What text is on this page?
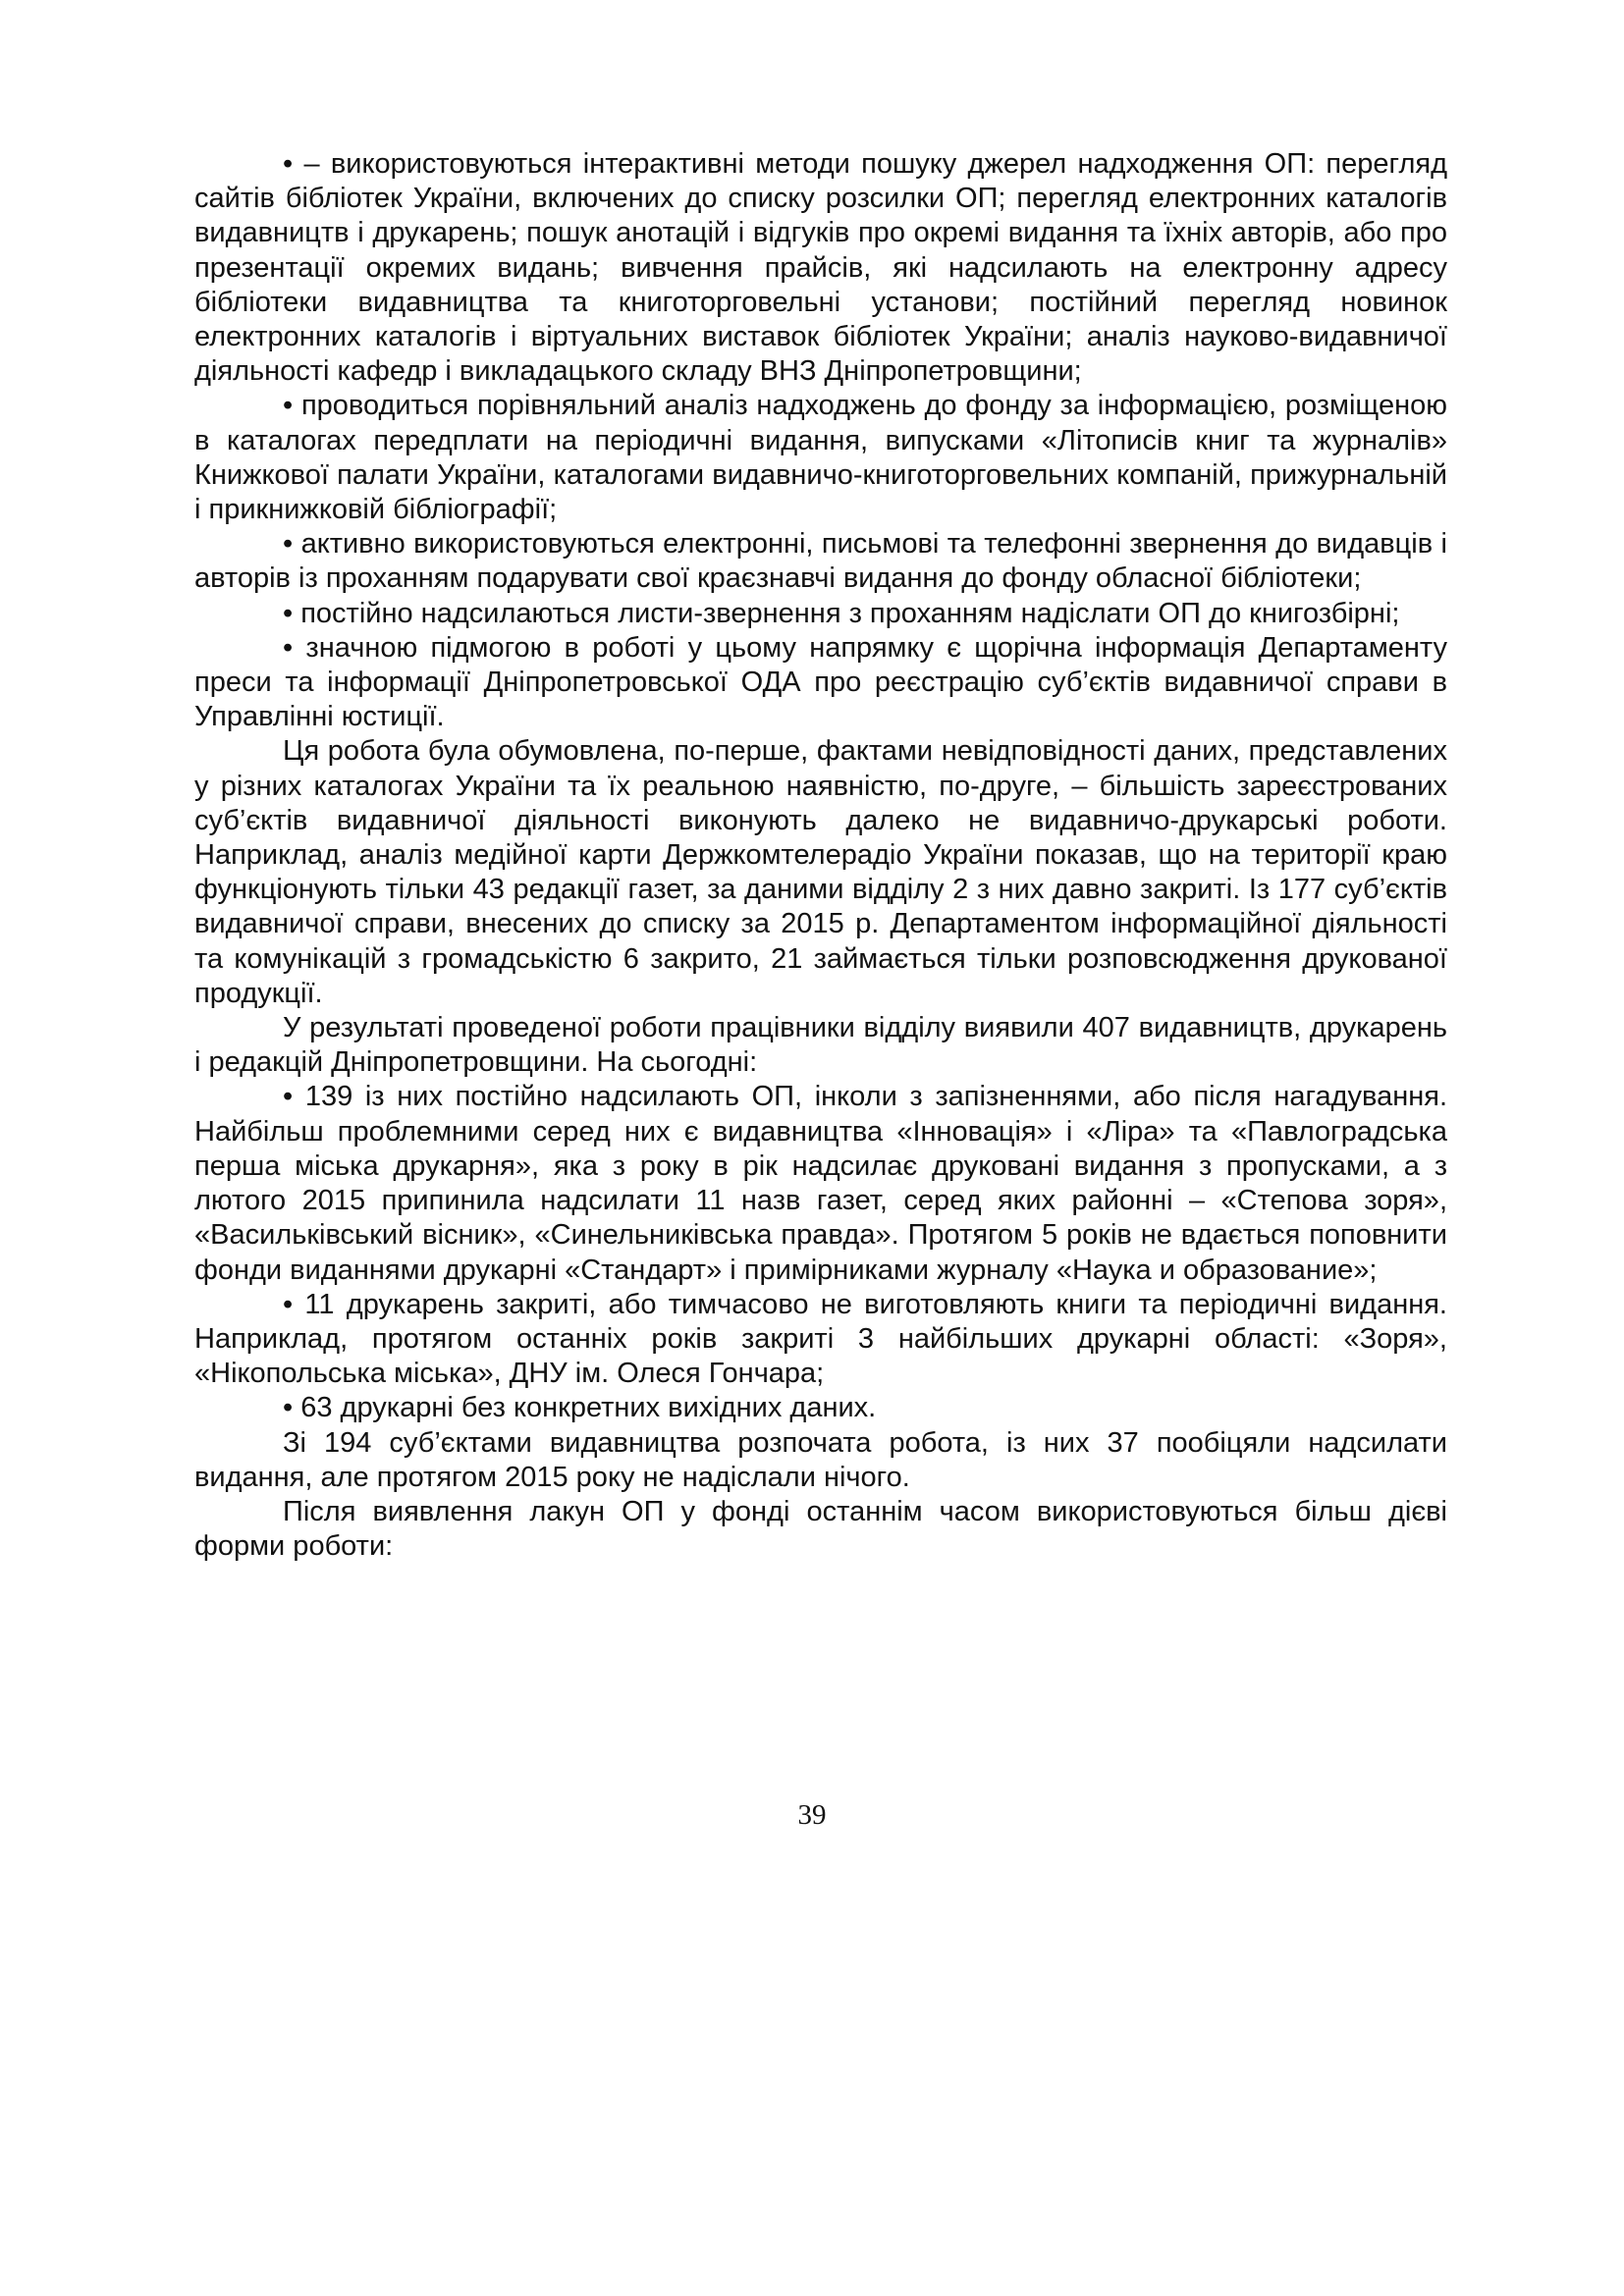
• – використовуються інтерактивні методи пошуку джерел надходження ОП: перегляд сайтів бібліотек України, включених до списку розсилки ОП; перегляд електронних каталогів видавництв і друкарень; пошук анотацій і відгуків про окремі видання та їхніх авторів, або про презентації окремих видань; вивчення прайсів, які надсилають на електронну адресу бібліотеки видавництва та книготорговельні установи; постійний перегляд новинок електронних каталогів і віртуальних виставок бібліотек України; аналіз науково-видавничої діяльності кафедр і викладацького складу ВНЗ Дніпропетровщини;

• проводиться порівняльний аналіз надходжень до фонду за інформацією, розміщеною в каталогах передплати на періодичні видання, випусками «Літописів книг та журналів» Книжкової палати України, каталогами видавничо-книготорговельних компаній, прижурнальній і прикнижковій бібліографії;

• активно використовуються електронні, письмові та телефонні звернення до видавців і авторів із проханням подарувати свої краєзнавчі видання до фонду обласної бібліотеки;

• постійно надсилаються листи-звернення з проханням надіслати ОП до книгозбірні;

• значною підмогою в роботі у цьому напрямку є щорічна інформація Департаменту преси та інформації Дніпропетровської ОДА про реєстрацію суб’єктів видавничої справи в Управлінні юстиції.

Ця робота була обумовлена, по-перше, фактами невідповідності даних, представлених у різних каталогах України та їх реальною наявністю, по-друге, – більшість зареєстрованих суб’єктів видавничої діяльності виконують далеко не видавничо-друкарські роботи. Наприклад, аналіз медійної карти Держкомтелерадіо України показав, що на території краю функціонують тільки 43 редакції газет, за даними відділу 2 з них давно закриті. Із 177 суб’єктів видавничої справи, внесених до списку за 2015 р. Департаментом інформаційної діяльності та комунікацій з громадськістю 6 закрито, 21 займається тільки розповсюдження друкованої продукції.

У результаті проведеної роботи працівники відділу виявили 407 видавництв, друкарень і редакцій Дніпропетровщини. На сьогодні:

• 139 із них постійно надсилають ОП, інколи з запізненнями, або після нагадування. Найбільш проблемними серед них є видавництва «Інновація» і «Ліра» та «Павлоградська перша міська друкарня», яка з року в рік надсилає друковані видання з пропусками, а з лютого 2015 припинила надсилати 11 назв газет, серед яких районні – «Степова зоря», «Васильківський вісник», «Синельниківська правда». Протягом 5 років не вдається поповнити фонди виданнями друкарні «Стандарт» і примірниками журналу «Наука и образование»;

• 11 друкарень закриті, або тимчасово не виготовляють книги та періодичні видання. Наприклад, протягом останніх років закриті 3 найбільших друкарні області: «Зоря», «Нікопольська міська», ДНУ ім. Олеся Гончара;

• 63 друкарні без конкретних вихідних даних.

Зі 194 суб’єктами видавництва розпочата робота, із них 37 пообіцяли надсилати видання, але протягом 2015 року не надіслали нічого.

Після виявлення лакун ОП у фонді останнім часом використовуються більш дієві форми роботи:

39
